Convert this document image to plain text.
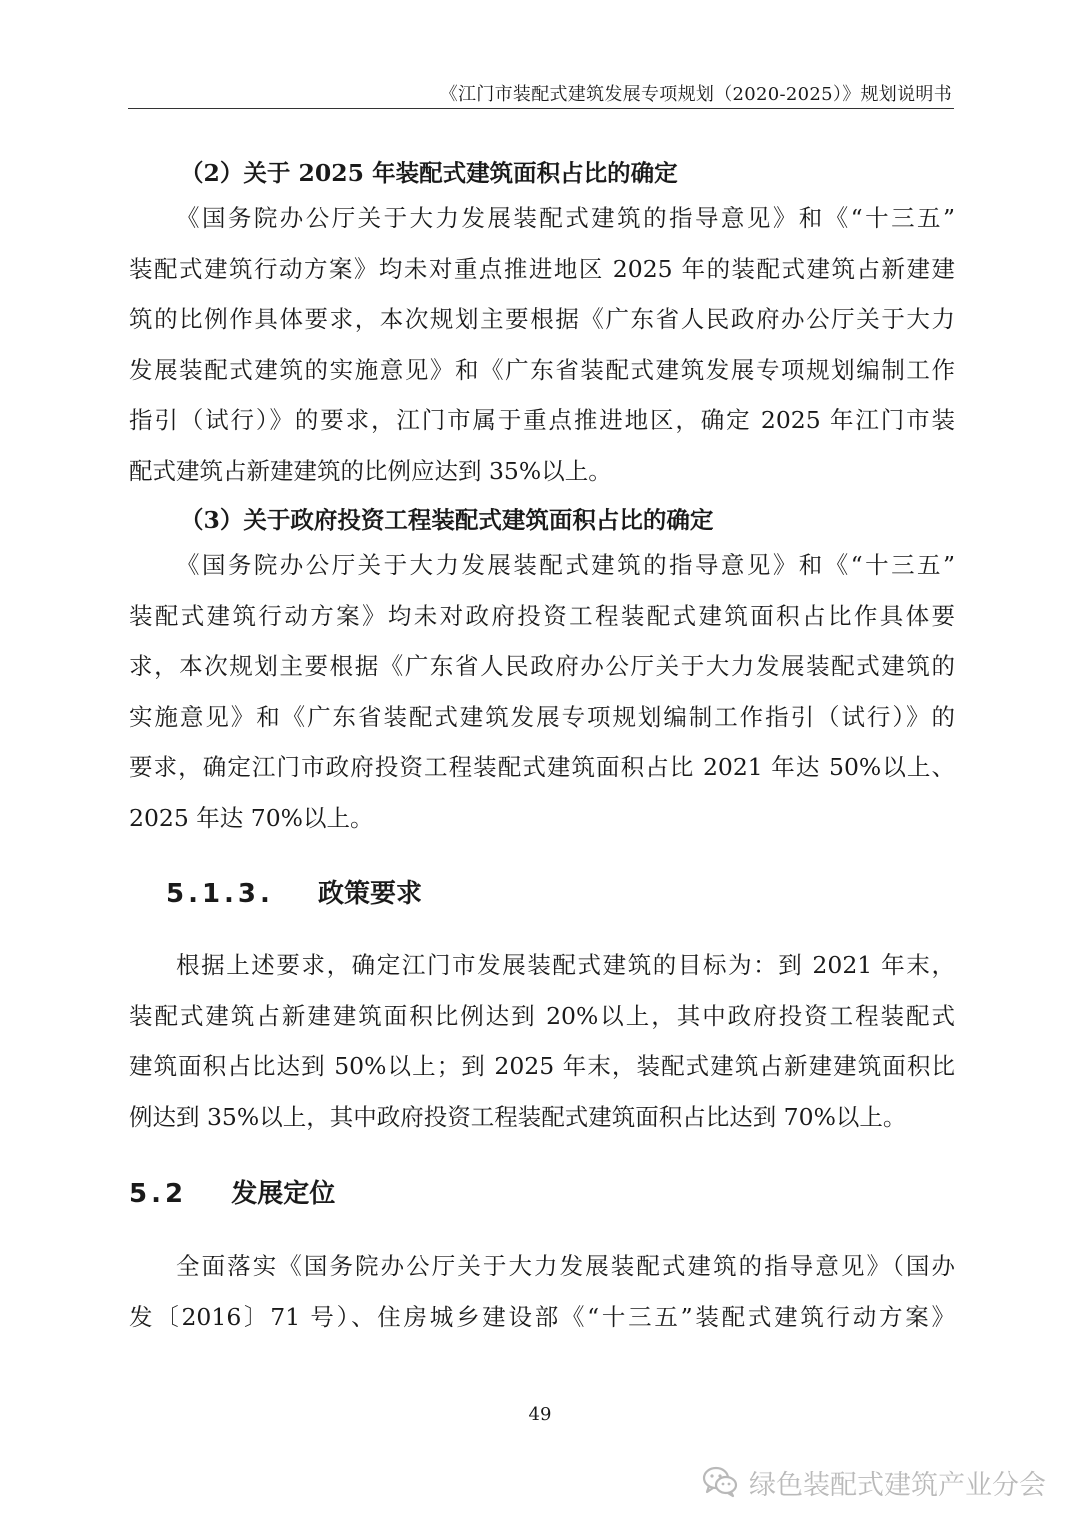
《江门市装配式建筑发展专项规划（2020-2025）》规划说明书
（2）关于 2025 年装配式建筑面积占比的确定
《国务院办公厅关于大力发展装配式建筑的指导意见》和《“十三五”
装配式建筑行动方案》均未对重点推进地区 2025 年的装配式建筑占新建建
筑的比例作具体要求，本次规划主要根据《广东省人民政府办公厅关于大力
发展装配式建筑的实施意见》和《广东省装配式建筑发展专项规划编制工作
指引（试行）》的要求，江门市属于重点推进地区，确定 2025 年江门市装
配式建筑占新建建筑的比例应达到 35%以上。
（3）关于政府投资工程装配式建筑面积占比的确定
《国务院办公厅关于大力发展装配式建筑的指导意见》和《“十三五”
装配式建筑行动方案》均未对政府投资工程装配式建筑面积占比作具体要
求，本次规划主要根据《广东省人民政府办公厅关于大力发展装配式建筑的
实施意见》和《广东省装配式建筑发展专项规划编制工作指引（试行）》的
要求，确定江门市政府投资工程装配式建筑面积占比 2021 年达 50%以上、
2025 年达 70%以上。
5.1.3. 政策要求
根据上述要求，确定江门市发展装配式建筑的目标为：到 2021 年末，
装配式建筑占新建建筑面积比例达到 20%以上，其中政府投资工程装配式
建筑面积占比达到 50%以上；到 2025 年末，装配式建筑占新建建筑面积比
例达到 35%以上，其中政府投资工程装配式建筑面积占比达到 70%以上。
5.2 发展定位
全面落实《国务院办公厅关于大力发展装配式建筑的指导意见》（国办
发〔2016〕71 号）、住房城乡建设部《“十三五”装配式建筑行动方案》
49
绿色装配式建筑产业分会
